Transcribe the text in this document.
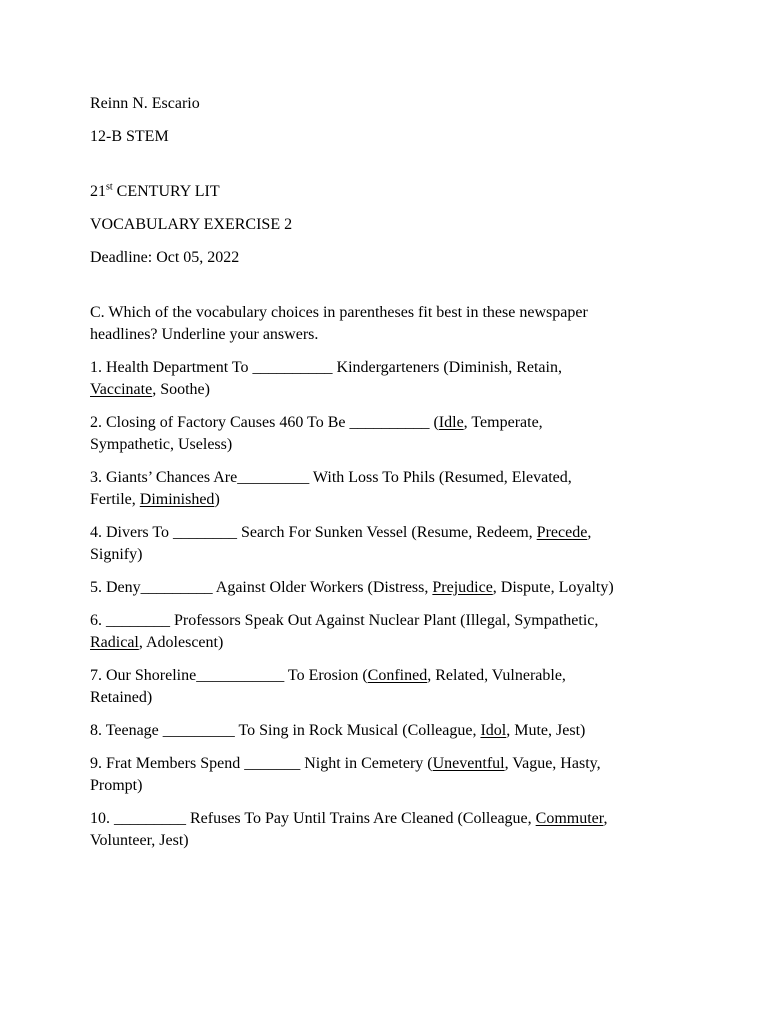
Reinn N. Escario
12-B STEM
21st CENTURY LIT
VOCABULARY EXERCISE 2
Deadline: Oct 05, 2022
C. Which of the vocabulary choices in parentheses fit best in these newspaper
headlines? Underline your answers.
1. Health Department To __________ Kindergarteners (Diminish, Retain,
Vaccinate, Soothe)
2. Closing of Factory Causes 460 To Be __________ (Idle, Temperate,
Sympathetic, Useless)
3. Giants’ Chances Are_________ With Loss To Phils (Resumed, Elevated,
Fertile, Diminished)
4. Divers To ________ Search For Sunken Vessel (Resume, Redeem, Precede,
Signify)
5. Deny_________ Against Older Workers (Distress, Prejudice, Dispute, Loyalty)
6. ________ Professors Speak Out Against Nuclear Plant (Illegal, Sympathetic,
Radical, Adolescent)
7. Our Shoreline___________ To Erosion (Confined, Related, Vulnerable,
Retained)
8. Teenage _________ To Sing in Rock Musical (Colleague, Idol, Mute, Jest)
9. Frat Members Spend _______ Night in Cemetery (Uneventful, Vague, Hasty,
Prompt)
10. _________ Refuses To Pay Until Trains Are Cleaned (Colleague, Commuter,
Volunteer, Jest)
